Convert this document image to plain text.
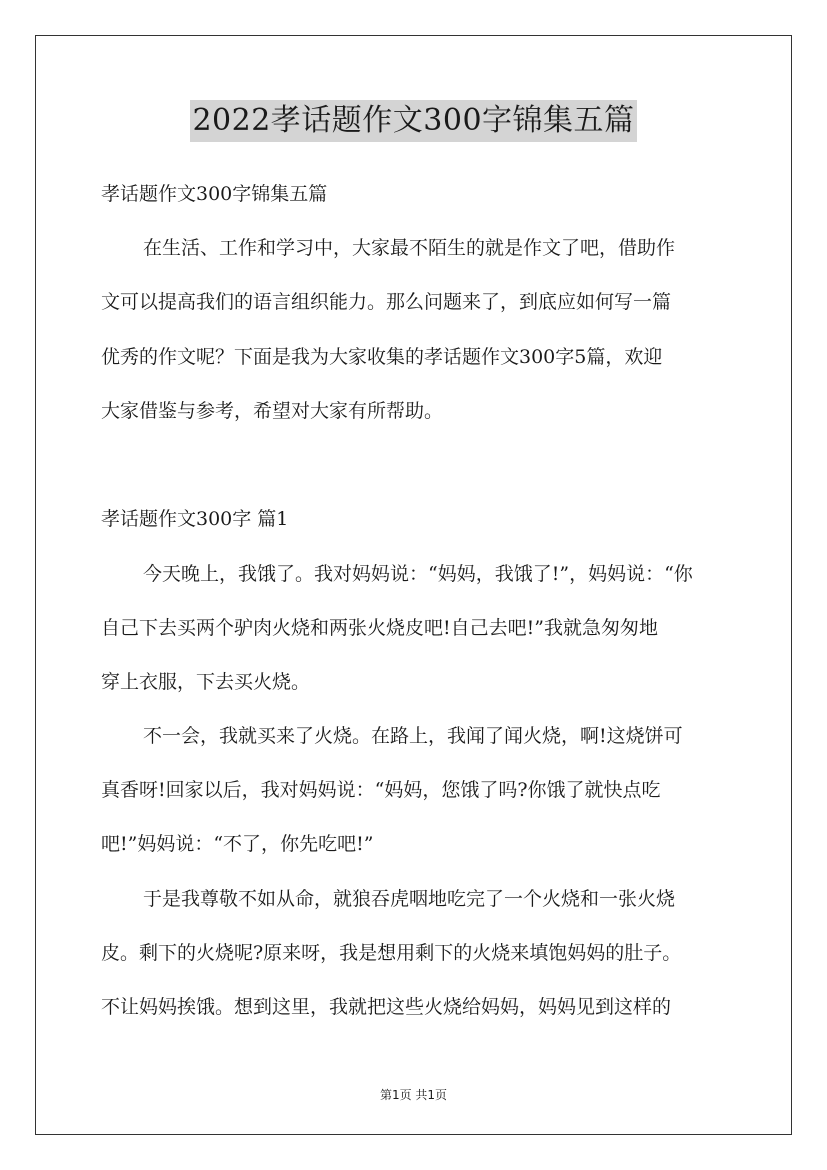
2022孝话题作文300字锦集五篇
孝话题作文300字锦集五篇
在生活、工作和学习中，大家最不陌生的就是作文了吧，借助作
文可以提高我们的语言组织能力。那么问题来了，到底应如何写一篇
优秀的作文呢？下面是我为大家收集的孝话题作文300字5篇，欢迎
大家借鉴与参考，希望对大家有所帮助。
孝话题作文300字 篇1
今天晚上，我饿了。我对妈妈说：“妈妈，我饿了!”，妈妈说：“你
自己下去买两个驴肉火烧和两张火烧皮吧!自己去吧!”我就急匆匆地
穿上衣服，下去买火烧。
不一会，我就买来了火烧。在路上，我闻了闻火烧，啊!这烧饼可
真香呀!回家以后，我对妈妈说：“妈妈，您饿了吗?你饿了就快点吃
吧!”妈妈说：“不了，你先吃吧!”
于是我尊敬不如从命，就狼吞虎咽地吃完了一个火烧和一张火烧
皮。剩下的火烧呢?原来呀，我是想用剩下的火烧来填饱妈妈的肚子。
不让妈妈挨饿。想到这里，我就把这些火烧给妈妈，妈妈见到这样的
第1页 共1页
